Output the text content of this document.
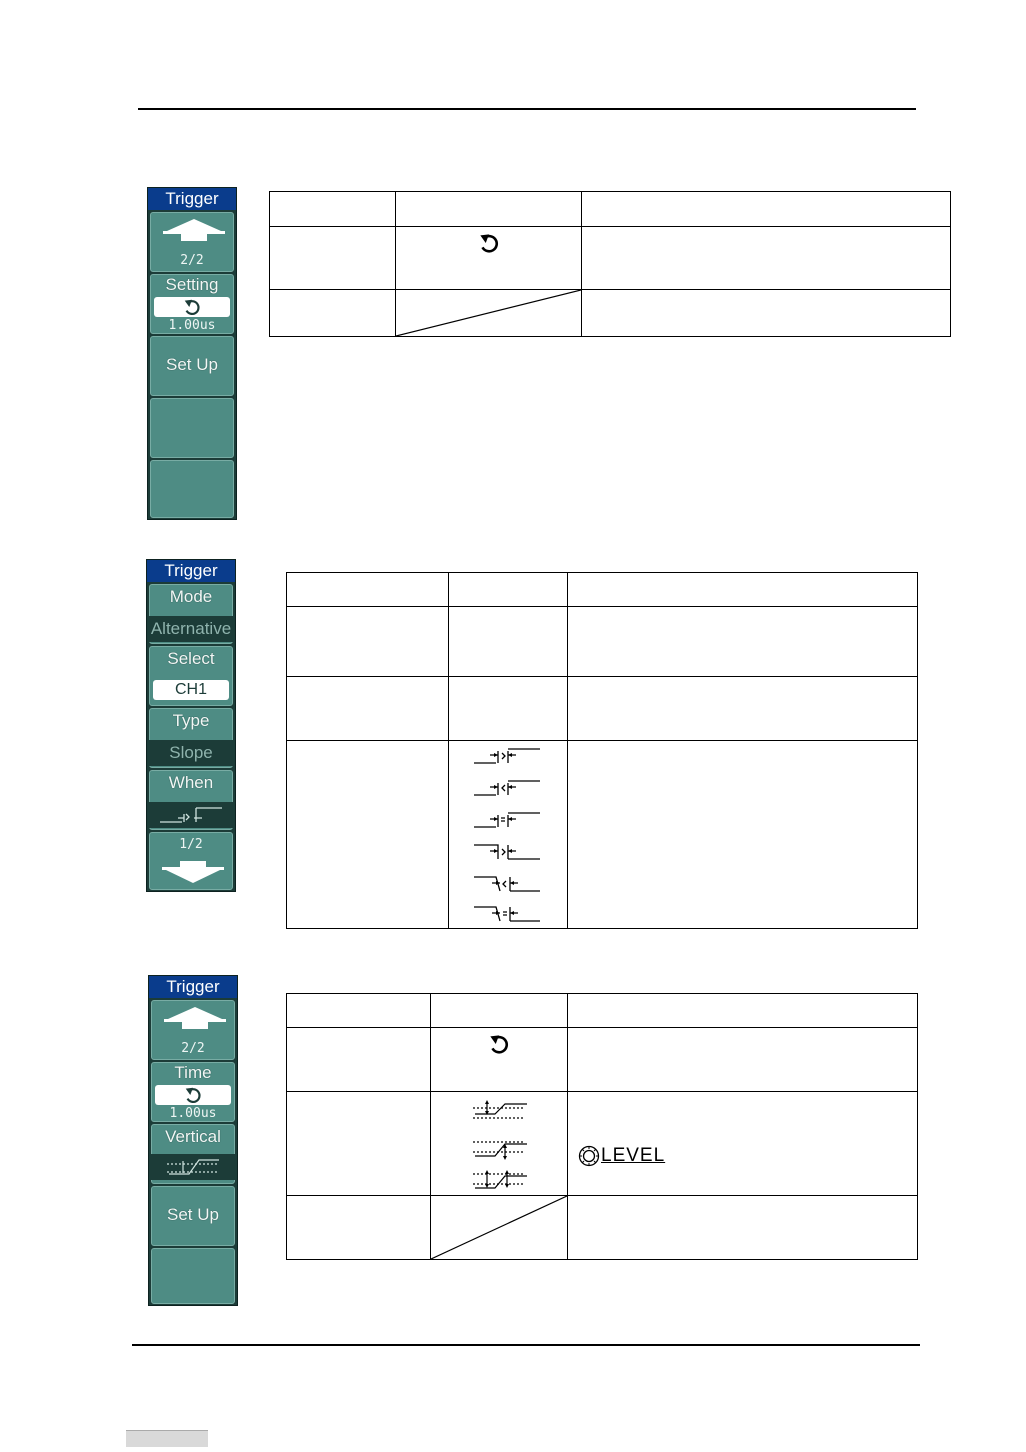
Trigger
2/2
Setting
1.00us
Set Up

Trigger
Mode
Alternative
Select
CH1
Type
Slope
When
1/2

Trigger
2/2
Time
1.00us
Vertical
Set Up

LEVEL
